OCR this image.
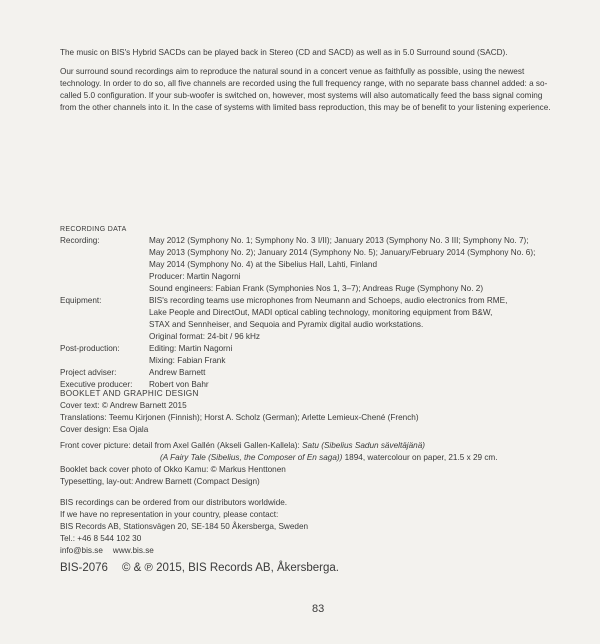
The music on BIS's Hybrid SACDs can be played back in Stereo (CD and SACD) as well as in 5.0 Surround sound (SACD).

Our surround sound recordings aim to reproduce the natural sound in a concert venue as faithfully as possible, using the newest technology. In order to do so, all five channels are recorded using the full frequency range, with no separate bass channel added: a so-called 5.0 configuration. If your sub-woofer is switched on, however, most systems will also automatically feed the bass signal coming from the other channels into it. In the case of systems with limited bass reproduction, this may be of benefit to your listening experience.

RECORDING DATA
Recording:	May 2012 (Symphony No. 1; Symphony No. 3 I/II); January 2013 (Symphony No. 3 III; Symphony No. 7);
May 2013 (Symphony No. 2); January 2014 (Symphony No. 5); January/February 2014 (Symphony No. 6);
May 2014 (Symphony No. 4) at the Sibelius Hall, Lahti, Finland
Producer: Martin Nagorni
Sound engineers: Fabian Frank (Symphonies Nos 1, 3–7); Andreas Ruge (Symphony No. 2)
Equipment:	BIS's recording teams use microphones from Neumann and Schoeps, audio electronics from RME,
Lake People and DirectOut, MADI optical cabling technology, monitoring equipment from B&W,
STAX and Sennheiser, and Sequoia and Pyramix digital audio workstations.
Original format: 24-bit / 96 kHz
Post-production:	Editing: Martin Nagorni
Mixing: Fabian Frank
Project adviser:	Andrew Barnett
Executive producer:	Robert von Bahr
BOOKLET AND GRAPHIC DESIGN
Cover text: © Andrew Barnett 2015
Translations: Teemu Kirjonen (Finnish); Horst A. Scholz (German); Arlette Lemieux-Chené (French)
Cover design: Esa Ojala
Front cover picture: detail from Axel Gallén (Akseli Gallen-Kallela): Satu (Sibelius Sadun säveltäjänä)
(A Fairy Tale (Sibelius, the Composer of En saga)) 1894, watercolour on paper, 21.5 x 29 cm.
Booklet back cover photo of Okko Kamu: © Markus Henttonen
Typesetting, lay-out: Andrew Barnett (Compact Design)
BIS recordings can be ordered from our distributors worldwide.
If we have no representation in your country, please contact:
BIS Records AB, Stationsvägen 20, SE-184 50 Åkersberga, Sweden
Tel.: +46 8 544 102 30
info@bis.se www.bis.se
BIS-2076 © & ℗ 2015, BIS Records AB, Åkersberga.
83
